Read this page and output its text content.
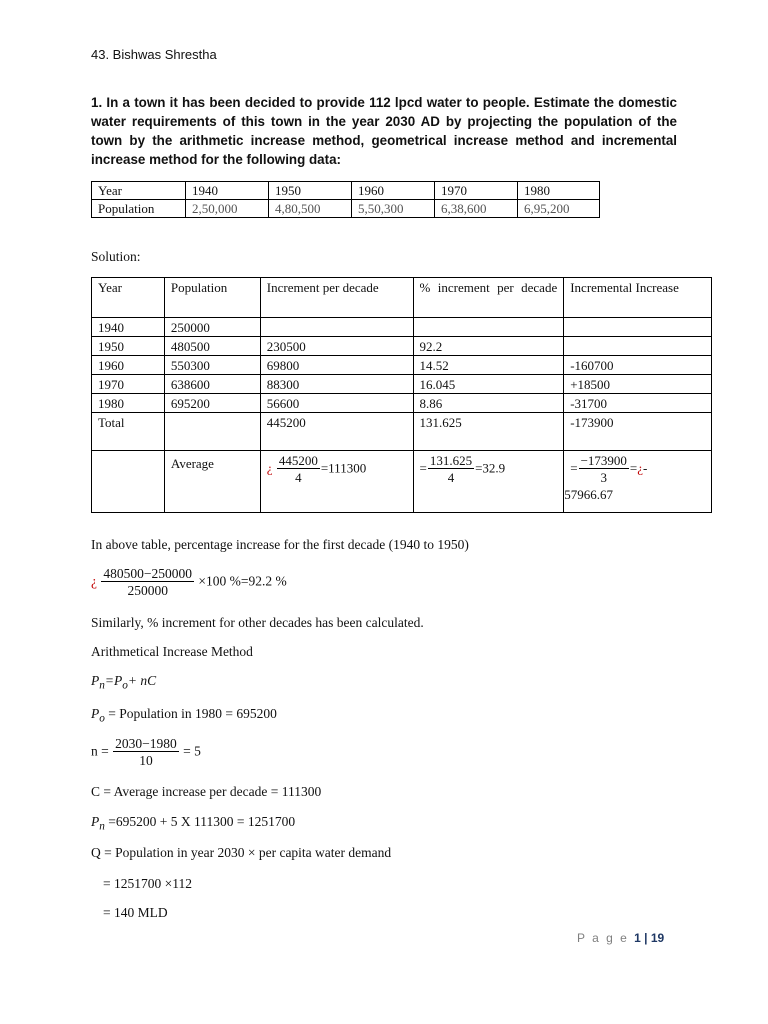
43. Bishwas Shrestha
1. In a town it has been decided to provide 112 lpcd water to people. Estimate the domestic water requirements of this town in the year 2030 AD by projecting the population of the town by the arithmetic increase method, geometrical increase method and incremental increase method for the following data:
Year	1940	1950	1960	1970	1980
Population	2,50,000	4,80,500	5,50,300	6,38,600	6,95,200
Solution:
Year	Population	Increment per decade	% increment per decade	Incremental Increase
1940	250000			
1950	480500	230500	92.2	
1960	550300	69800	14.52	-160700
1970	638600	88300	16.045	+18500
1980	695200	56600	8.86	-31700
Total		445200	131.625	-173900
	Average	¿ $\frac{445200}{4} =111300$	= $\frac{131.625}{4} =32.9$	= $\frac{-173900}{3}$ =¿-
57966.67
In above table, percentage increase for the first decade (1940 to 1950)
¿ $\frac{480500-250000}{250000} \times 100$ %=92.2 %
Similarly, % increment for other decades has been calculated.
Arithmetical Increase Method
$P_n=P_o+$ nC
$P_o$ = Population in 1980 = 695200
$n = \frac{2030-1980}{10} = 5$
C = Average increase per decade = 111300
$P_n =695200 + 5$ X 111300 = 1251700
Q = Population in year 2030 × per capita water demand
= 1251700 ×112
= 140 MLD
P a g e 1 | 19
